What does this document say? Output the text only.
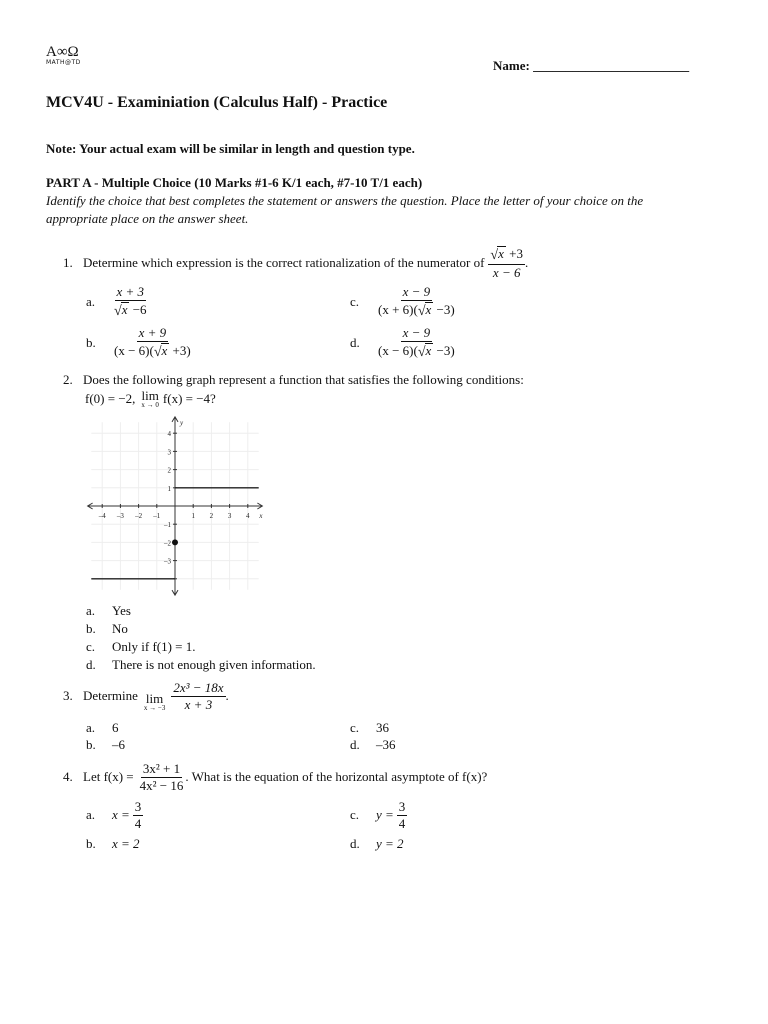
A∞Ω
MATH@TD	Name: ________________________
MCV4U - Examiniation (Calculus Half) - Practice
Note: Your actual exam will be similar in length and question type.
PART A - Multiple Choice (10 Marks #1-6 K/1 each, #7-10 T/1 each)
Identify the choice that best completes the statement or answers the question. Place the letter of your choice on the
appropriate place on the answer sheet.
1. Determine which expression is the correct rationalization of the numerator of $\frac{√x +3}{x - 6}$ .
a.	$\frac{x + 3}{√x -6}$	c.	$\frac{x - 9}{(x + 6)(√x -3)}$
b.	$\frac{x + 9}{(x - 6)(√x +3)}$	d.	$\frac{x - 9}{(x - 6)(√x -3)}$
2. Does the following graph represent a function that satisfies the following conditions:
f(0) = −2, lim
x → 0 f(x) = −4?
–4 –3 –2 –1	1 2 3 4
4
3
2
1
–1
–2
–3
x
y
a.	Yes
b.	No
c.	Only if f(1) = 1.
d.	There is not enough given information.
3. Determine lim
$x \to -3 \frac{\text{2x³ − 18x}}{x + 3}$ .
a.	6
b.	–6
c.	36
d.	–36
4. Let $f(x) = \frac{\text{3x² + 1}}{\text{4x² − 16}}$ . What is the equation of the horizontal asymptote of f(x)?
a.	$x = \frac{3}{4}$	c.	$y = \frac{3}{4}$
b.	x = 2	d.	y = 2
